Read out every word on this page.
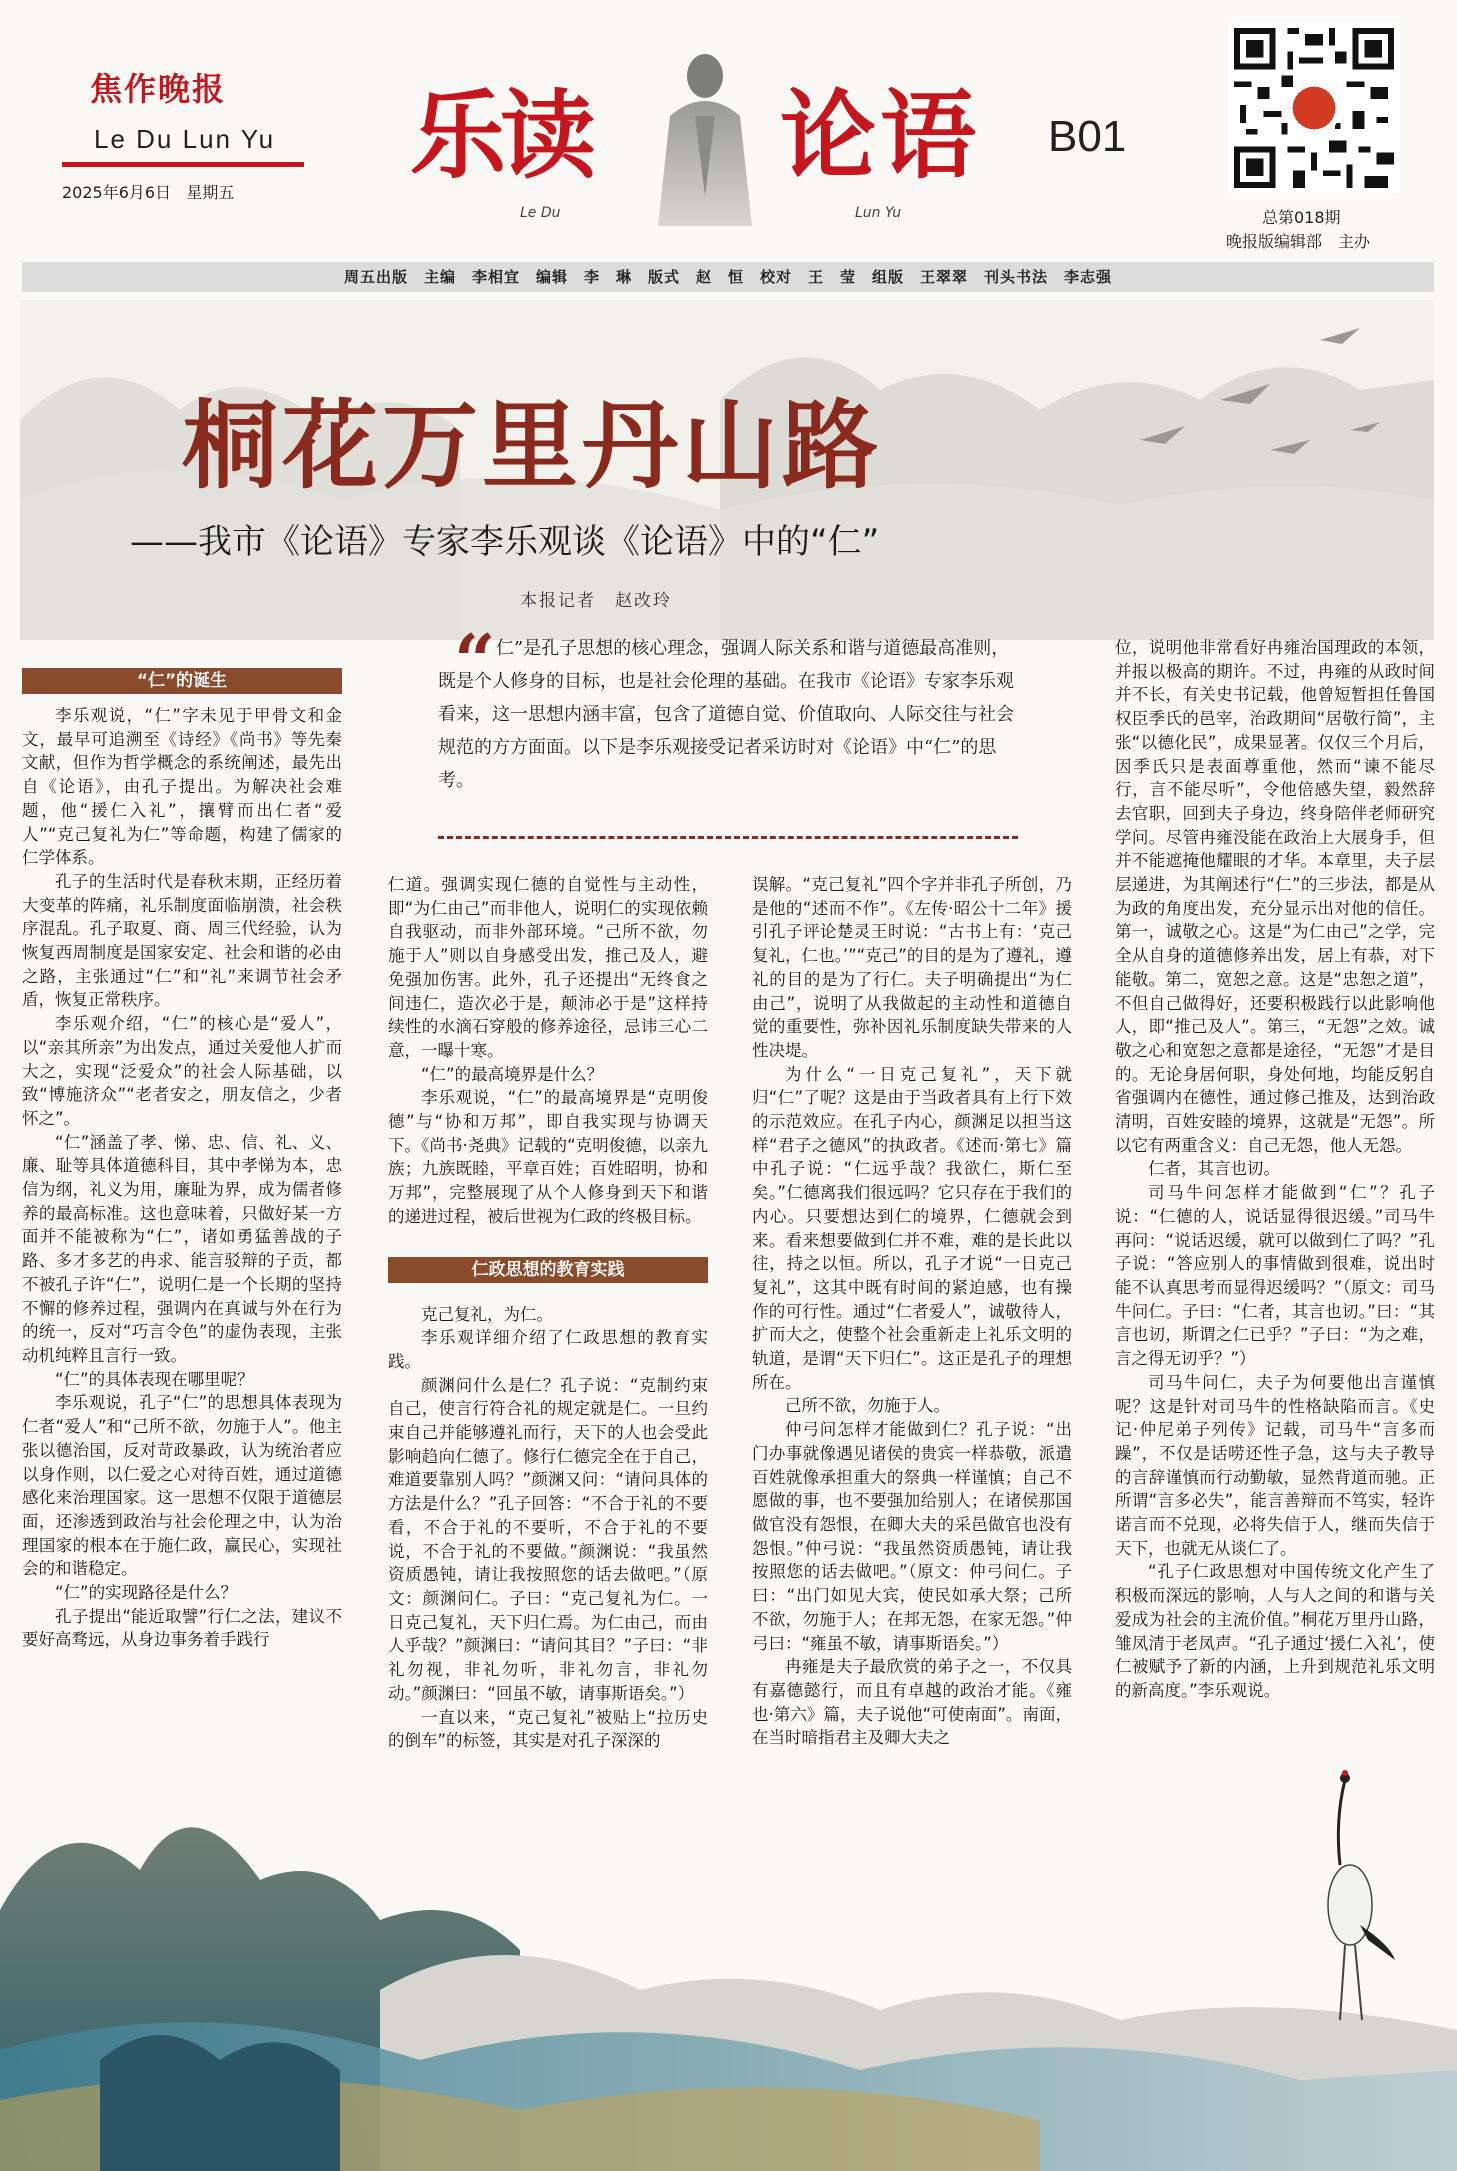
焦作晚报
Le Du Lun Yu
2025年6月6日 星期五
乐
读 论 语
Le Du	Lun Yu
B01
总第018期
晚报版编辑部　主办
周五出版　主编　李相宜　编辑　李　琳　版式　赵　恒　校对　王　莹　组版　王翠翠　刊头书法　李志强
桐花万里丹山路
——我市《论语》专家李乐观谈《论语》中的“仁”
本报记者　赵改玲
“ 仁”是孔子思想的核心理念，强调人际关系和谐与道德最高准则，既是个人修身的目标，也是社会伦理的基础。在我市《论语》专家李乐观看来，这一思想内涵丰富，包含了道德自觉、价值取向、人际交往与社会规范的方方面面。以下是李乐观接受记者采访时对《论语》中“仁”的思考。
“仁”的诞生

李乐观说，“仁”字未见于甲骨文和金文，最早可追溯至《诗经》《尚书》等先秦文献，但作为哲学概念的系统阐述，最先出自《论语》，由孔子提出。为解决社会难题，他“援仁入礼”，攘臂而出仁者“爱人”“克己复礼为仁”等命题，构建了儒家的仁学体系。

孔子的生活时代是春秋末期，正经历着大变革的阵痛，礼乐制度面临崩溃，社会秩序混乱。孔子取夏、商、周三代经验，认为恢复西周制度是国家安定、社会和谐的必由之路，主张通过“仁”和“礼”来调节社会矛盾，恢复正常秩序。

李乐观介绍，“仁”的核心是“爱人”，以“亲其所亲”为出发点，通过关爱他人扩而大之，实现“泛爱众”的社会人际基础，以致“博施济众”“老者安之，朋友信之，少者怀之”。

“仁”涵盖了孝、悌、忠、信、礼、义、廉、耻等具体道德科目，其中孝悌为本，忠信为纲，礼义为用，廉耻为界，成为儒者修养的最高标准。这也意味着，只做好某一方面并不能被称为“仁”，诸如勇猛善战的子路、多才多艺的冉求、能言驳辩的子贡，都不被孔子许“仁”，说明仁是一个长期的坚持不懈的修养过程，强调内在真诚与外在行为的统一，反对“巧言令色”的虚伪表现，主张动机纯粹且言行一致。

“仁”的具体表现在哪里呢？

李乐观说，孔子“仁”的思想具体表现为仁者“爱人”和“己所不欲，勿施于人”。他主张以德治国，反对苛政暴政，认为统治者应以身作则，以仁爱之心对待百姓，通过道德感化来治理国家。这一思想不仅限于道德层面，还渗透到政治与社会伦理之中，认为治理国家的根本在于施仁政，赢民心，实现社会的和谐稳定。

“仁”的实现路径是什么？

孔子提出“能近取譬”行仁之法，建议不要好高骛远，从身边事务着手践行

仁道。强调实现仁德的自觉性与主动性，即“为仁由己”而非他人，说明仁的实现依赖自我驱动，而非外部环境。“己所不欲，勿施于人”则以自身感受出发，推己及人，避免强加伤害。此外，孔子还提出“无终食之间违仁，造次必于是，颠沛必于是”这样持续性的水滴石穿般的修养途径，忌讳三心二意，一曝十寒。

“仁”的最高境界是什么？

李乐观说，“仁”的最高境界是“克明俊德”与“协和万邦”，即自我实现与协调天下。《尚书·尧典》记载的“克明俊德，以亲九族；九族既睦，平章百姓；百姓昭明，协和万邦”，完整展现了从个人修身到天下和谐的递进过程，被后世视为仁政的终极目标。

仁政思想的教育实践

克己复礼，为仁。

李乐观详细介绍了仁政思想的教育实践。

颜渊问什么是仁？孔子说：“克制约束自己，使言行符合礼的规定就是仁。一旦约束自己并能够遵礼而行，天下的人也会受此影响趋向仁德了。修行仁德完全在于自己，难道要靠别人吗？”颜渊又问：“请问具体的方法是什么？”孔子回答：“不合于礼的不要看，不合于礼的不要听，不合于礼的不要说，不合于礼的不要做。”颜渊说：“我虽然资质愚钝，请让我按照您的话去做吧。”（原文：颜渊问仁。子曰：“克己复礼为仁。一日克己复礼，天下归仁焉。为仁由己，而由人乎哉？”颜渊曰：“请问其目？”子曰：“非礼勿视，非礼勿听，非礼勿言，非礼勿动。”颜渊曰：“回虽不敏，请事斯语矣。”）

一直以来，“克己复礼”被贴上“拉历史的倒车”的标签，其实是对孔子深深的

误解。“克己复礼”四个字并非孔子所创，乃是他的“述而不作”。《左传·昭公十二年》援引孔子评论楚灵王时说：“古书上有：‘克己复礼，仁也。’”“克己”的目的是为了遵礼，遵礼的目的是为了行仁。夫子明确提出“为仁由己”，说明了从我做起的主动性和道德自觉的重要性，弥补因礼乐制度缺失带来的人性决堤。

为什么“一日克己复礼”，天下就归“仁”了呢？这是由于当政者具有上行下效的示范效应。在孔子内心，颜渊足以担当这样“君子之德风”的执政者。《述而·第七》篇中孔子说：“仁远乎哉？我欲仁，斯仁至矣。”仁德离我们很远吗？它只存在于我们的内心。只要想达到仁的境界，仁德就会到来。看来想要做到仁并不难，难的是长此以往，持之以恒。所以，孔子才说“一日克己复礼”，这其中既有时间的紧迫感，也有操作的可行性。通过“仁者爱人”，诚敬待人，扩而大之，使整个社会重新走上礼乐文明的轨道，是谓“天下归仁”。这正是孔子的理想所在。

己所不欲，勿施于人。

仲弓问怎样才能做到仁？孔子说：“出门办事就像遇见诸侯的贵宾一样恭敬，派遣百姓就像承担重大的祭典一样谨慎；自己不愿做的事，也不要强加给别人；在诸侯那国做官没有怨恨，在卿大夫的采邑做官也没有怨恨。”仲弓说：“我虽然资质愚钝，请让我按照您的话去做吧。”（原文：仲弓问仁。子曰：“出门如见大宾，使民如承大祭；己所不欲，勿施于人；在邦无怨，在家无怨。”仲弓曰：“雍虽不敏，请事斯语矣。”）

冉雍是夫子最欣赏的弟子之一，不仅具有嘉德懿行，而且有卓越的政治才能。《雍也·第六》篇，夫子说他“可使南面”。南面，在当时暗指君主及卿大夫之

位，说明他非常看好冉雍治国理政的本领，并报以极高的期许。不过，冉雍的从政时间并不长，有关史书记载，他曾短暂担任鲁国权臣季氏的邑宰，治政期间“居敬行简”，主张“以德化民”，成果显著。仅仅三个月后，因季氏只是表面尊重他，然而“谏不能尽行，言不能尽听”，令他倍感失望，毅然辞去官职，回到夫子身边，终身陪伴老师研究学问。尽管冉雍没能在政治上大展身手，但并不能遮掩他耀眼的才华。本章里，夫子层层递进，为其阐述行“仁”的三步法，都是从为政的角度出发，充分显示出对他的信任。第一，诚敬之心。这是“为仁由己”之学，完全从自身的道德修养出发，居上有恭，对下能敬。第二，宽恕之意。这是“忠恕之道”，不但自己做得好，还要积极践行以此影响他人，即“推己及人”。第三，“无怨”之效。诚敬之心和宽恕之意都是途径，“无怨”才是目的。无论身居何职，身处何地，均能反躬自省强调内在德性，通过修己推及，达到治政清明，百姓安睦的境界，这就是“无怨”。所以它有两重含义：自己无怨，他人无怨。

仁者，其言也讱。

司马牛问怎样才能做到“仁”？孔子说：“仁德的人，说话显得很迟缓。”司马牛再问：“说话迟缓，就可以做到仁了吗？”孔子说：“答应别人的事情做到很难，说出时能不认真思考而显得迟缓吗？”（原文：司马牛问仁。子曰：“仁者，其言也讱。”曰：“其言也讱，斯谓之仁已乎？”子曰：“为之难，言之得无讱乎？”）

司马牛问仁，夫子为何要他出言谨慎呢？这是针对司马牛的性格缺陷而言。《史记·仲尼弟子列传》记载，司马牛“言多而躁”，不仅是话唠还性子急，这与夫子教导的言辞谨慎而行动勤敏，显然背道而驰。正所谓“言多必失”，能言善辩而不笃实，轻许诺言而不兑现，必将失信于人，继而失信于天下，也就无从谈仁了。

“孔子仁政思想对中国传统文化产生了积极而深远的影响，人与人之间的和谐与关爱成为社会的主流价值。”桐花万里丹山路，雏凤清于老凤声。“孔子通过‘援仁入礼’，使仁被赋予了新的内涵，上升到规范礼乐文明的新高度。”李乐观说。
